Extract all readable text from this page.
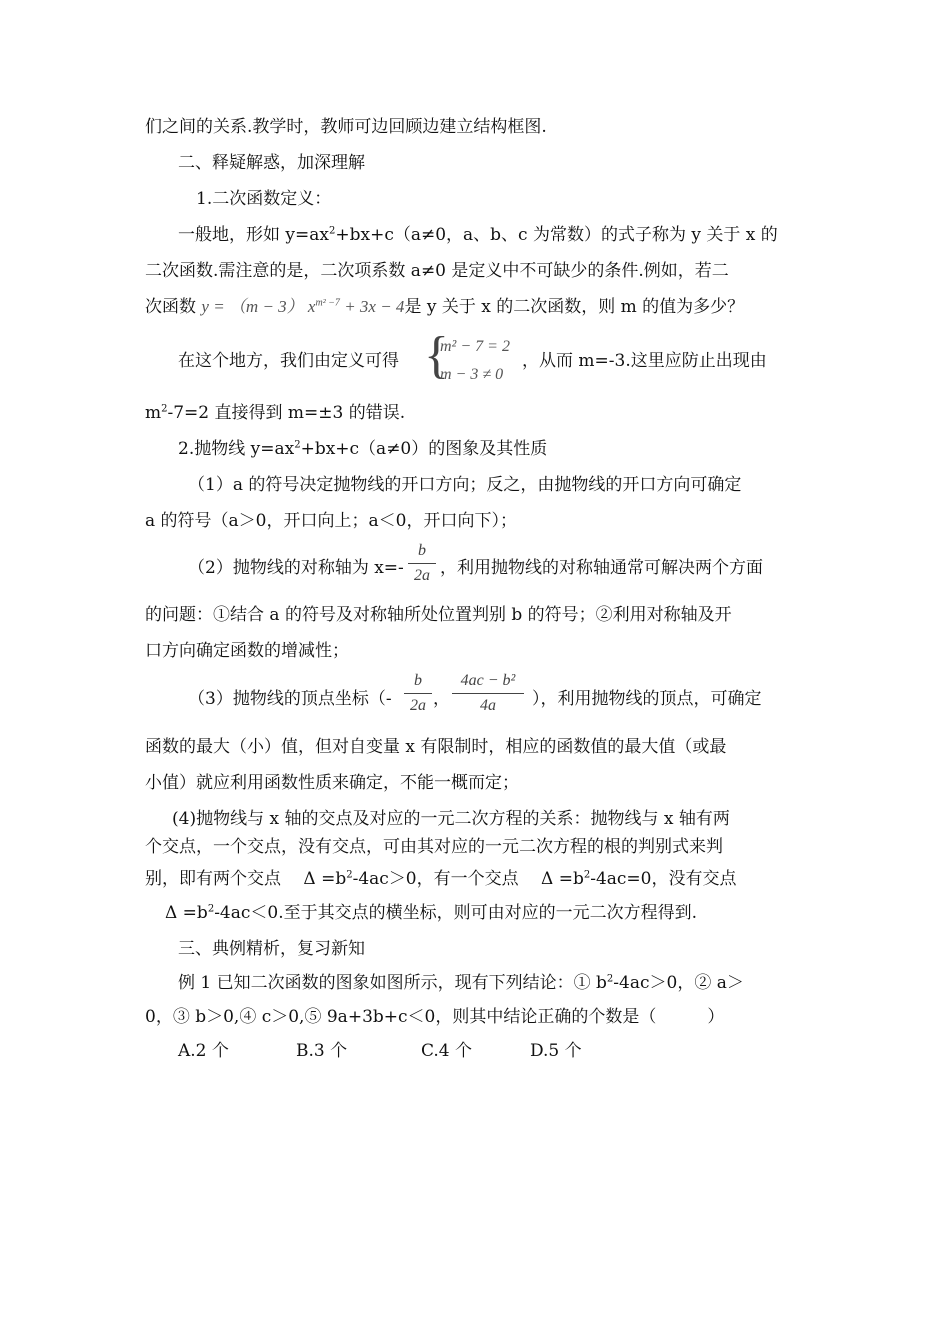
们之间的关系.教学时，教师可边回顾边建立结构框图.
二、释疑解惑，加深理解
1.二次函数定义：
一般地，形如 $y=ax^2+bx+c(a\ne 0$，a、b、c 为常数）的式子称为 y 关于 x 的
二次函数.需注意的是，二次项系数 a≠0 是定义中不可缺少的条件.例如，若二
次函数 y = （m − 3） $x^{m^2 -7} + 3x - 4$是 y 关于 x 的二次函数，则 m 的值为多少？
在这个地方，我们由定义可得 {
m² − 7 = 2
m − 3 ≠ 0
，从而 m=-3.这里应防止出现由
$m^2-7=2$ 直接得到 m=±3 的错误.
2.抛物线 $y=ax^2+bx+c(a\ne 0)$的图象及其性质
（1）a 的符号决定抛物线的开口方向；反之，由抛物线的开口方向可确定
a 的符号（a＞0，开口向上；a＜0，开口向下）；
（2）抛物线的对称轴为 x=-
b
2a ，利用抛物线的对称轴通常可解决两个方面
的问题：①结合 a 的符号及对称轴所处位置判别 b 的符号；②利用对称轴及开
口方向确定函数的增减性；
（3）抛物线的顶点坐标（-
b
2a ，
4ac − b²
4a	），利用抛物线的顶点，可确定
函数的最大（小）值，但对自变量 x 有限制时，相应的函数值的最大值（或最
小值）就应利用函数性质来确定，不能一概而定；
(4)抛物线与 x 轴的交点及对应的一元二次方程的关系：抛物线与 x 轴有两
个交点，一个交点，没有交点，可由其对应的一元二次方程的根的判别式来判
别，即有两个交点　 $\Delta =b^2-4ac>0$，有一个交点　 $\Delta =b^2-4ac=0$，没有交点
$\Delta =b^2-4ac<0$.至于其交点的横坐标，则可由对应的一元二次方程得到.
三、典例精析，复习新知
例 1 已知二次函数的图象如图所示，现有下列结论：① $b^2-4ac>0$，② a＞
0，③ b＞0,④ c＞0,⑤ 9a+3b+c＜0，则其中结论正确的个数是（　　　）
A.2 个	B.3 个	C.4 个	D.5 个
